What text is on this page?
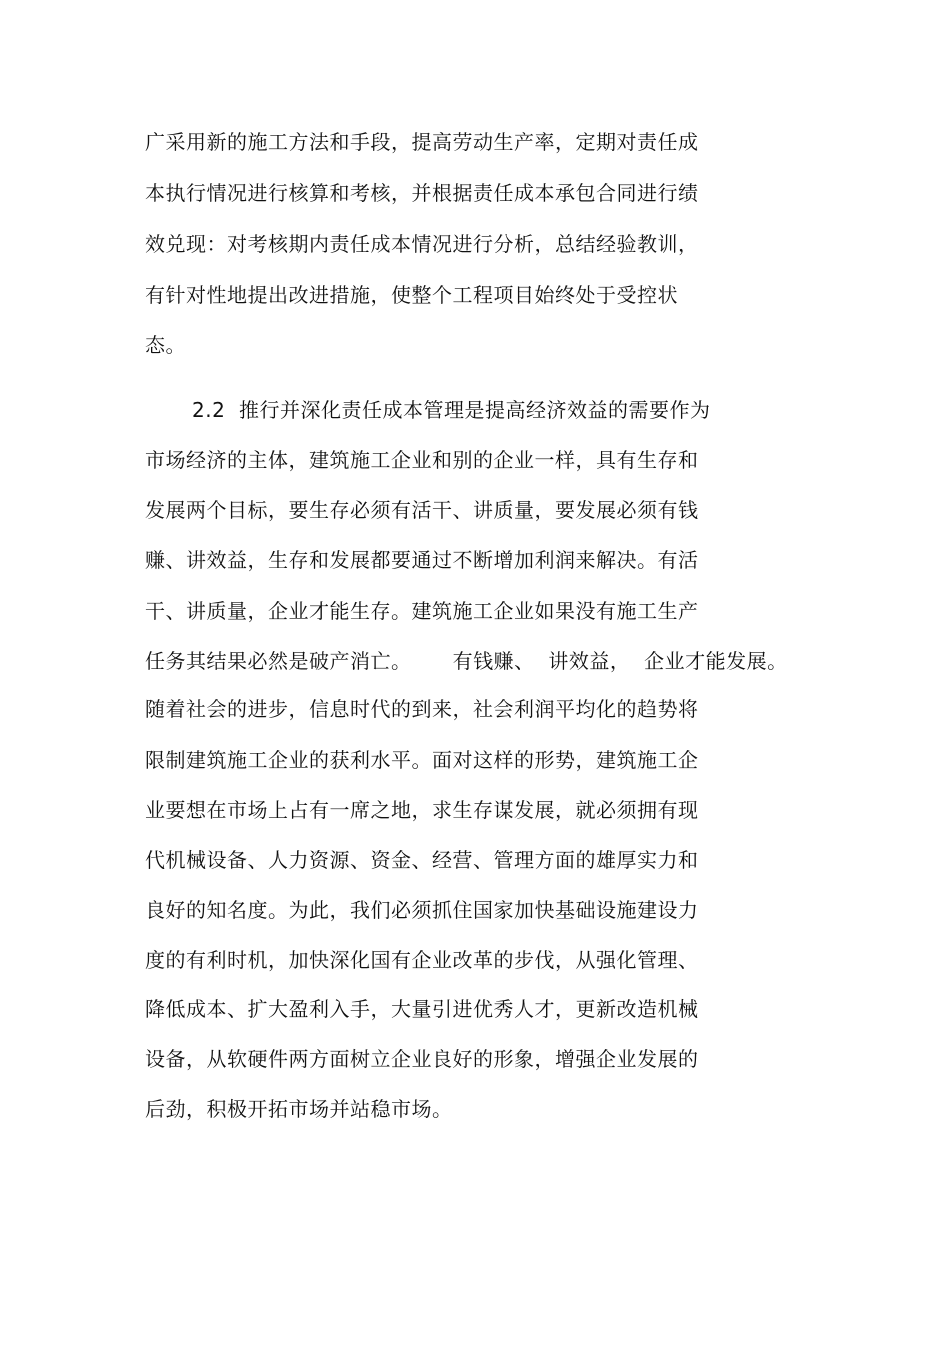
广采用新的施工方法和手段，提高劳动生产率，定期对责任成
本执行情况进行核算和考核，并根据责任成本承包合同进行绩
效兑现：对考核期内责任成本情况进行分析，总结经验教训，
有针对性地提出改进措施，使整个工程项目始终处于受控状
态。
2.2  推行并深化责任成本管理是提高经济效益的需要作为
市场经济的主体，建筑施工企业和别的企业一样，具有生存和
发展两个目标，要生存必须有活干、讲质量，要发展必须有钱
赚、讲效益，生存和发展都要通过不断增加利润来解决。有活
干、讲质量，企业才能生存。建筑施工企业如果没有施工生产
任务其结果必然是破产消亡。      有钱赚、  讲效益，  企业才能发展。
随着社会的进步，信息时代的到来，社会利润平均化的趋势将
限制建筑施工企业的获利水平。面对这样的形势，建筑施工企
业要想在市场上占有一席之地，求生存谋发展，就必须拥有现
代机械设备、人力资源、资金、经营、管理方面的雄厚实力和
良好的知名度。为此，我们必须抓住国家加快基础设施建设力
度的有利时机，加快深化国有企业改革的步伐，从强化管理、
降低成本、扩大盈利入手，大量引进优秀人才，更新改造机械
设备，从软硬件两方面树立企业良好的形象，增强企业发展的
后劲，积极开拓市场并站稳市场。
